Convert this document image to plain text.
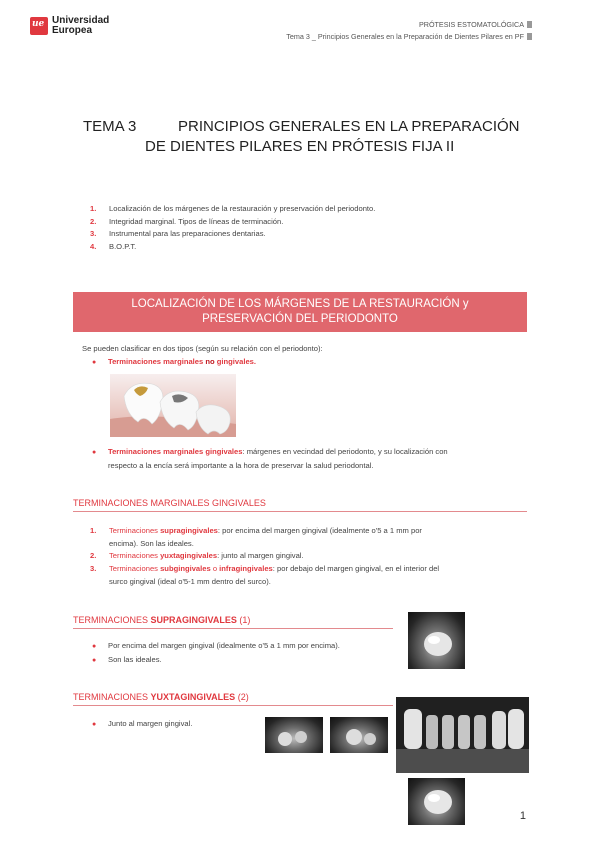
ue Universidad
Europea
PRÓTESIS ESTOMATOLÓGICA
Tema 3 _ Principios Generales en la Preparación de Dientes Pilares en PF
TEMA 3	PRINCIPIOS GENERALES EN LA PREPARACIÓN
DE DIENTES PILARES EN PRÓTESIS FIJA II
1. Localización de los márgenes de la restauración y preservación del periodonto.
2. Integridad marginal. Tipos de líneas de terminación.
3. Instrumental para las preparaciones dentarias.
4. B.O.P.T.
LOCALIZACIÓN DE LOS MÁRGENES DE LA RESTAURACIÓN y
PRESERVACIÓN DEL PERIODONTO
Se pueden clasificar en dos tipos (según su relación con el periodonto):
● Terminaciones marginales no gingivales.
● Terminaciones marginales gingivales: márgenes en vecindad del periodonto, y su localización con
respecto a la encía será importante a la hora de preservar la salud periodontal.
TERMINACIONES MARGINALES GINGIVALES
1. Terminaciones supragingivales: por encima del margen gingival (idealmente o'5 a 1 mm por
encima). Son las ideales.
2. Terminaciones yuxtagingivales: junto al margen gingival.
3. Terminaciones subgingivales o infragingivales: por debajo del margen gingival, en el interior del
surco gingival (ideal o'5-1 mm dentro del surco).
TERMINACIONES SUPRAGINGIVALES (1)
● Por encima del margen gingival (idealmente o'5 a 1 mm por encima).
● Son las ideales.
TERMINACIONES YUXTAGINGIVALES (2)
● Junto al margen gingival.
1
